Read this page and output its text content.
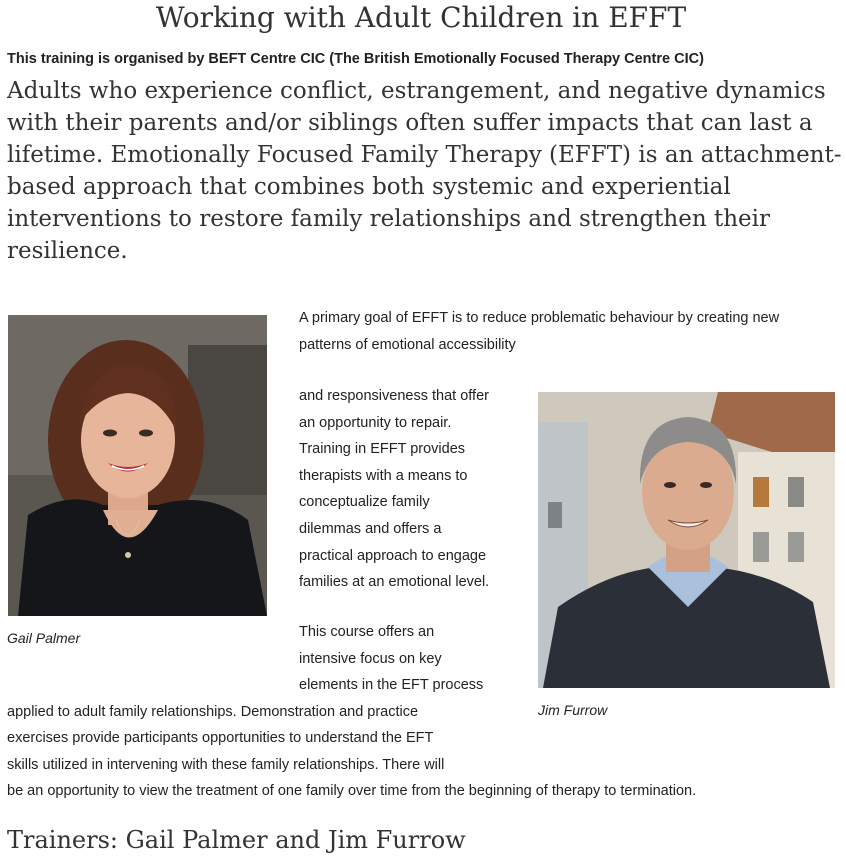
Working with Adult Children in EFFT
This training is organised by BEFT Centre CIC (The British Emotionally Focused Therapy Centre CIC)
Adults who experience conflict, estrangement, and negative dynamics
with their parents and/or siblings often suffer impacts that can last a
lifetime. Emotionally Focused Family Therapy (EFFT) is an attachment-
based approach that combines both systemic and experiential
interventions to restore family relationships and strengthen their
resilience.
Gail Palmer
Jim Furrow
A primary goal of EFFT is to reduce problematic behaviour by creating new
patterns of emotional accessibility
and responsiveness that offer
an opportunity to repair.
Training in EFFT provides
therapists with a means to
conceptualize family
dilemmas and offers a
practical approach to engage
families at an emotional level.
This course offers an
intensive focus on key
elements in the EFT process
applied to adult family relationships. Demonstration and practice
exercises provide participants opportunities to understand the EFT
skills utilized in intervening with these family relationships. There will
be an opportunity to view the treatment of one family over time from the beginning of therapy to termination.
Trainers: Gail Palmer and Jim Furrow
